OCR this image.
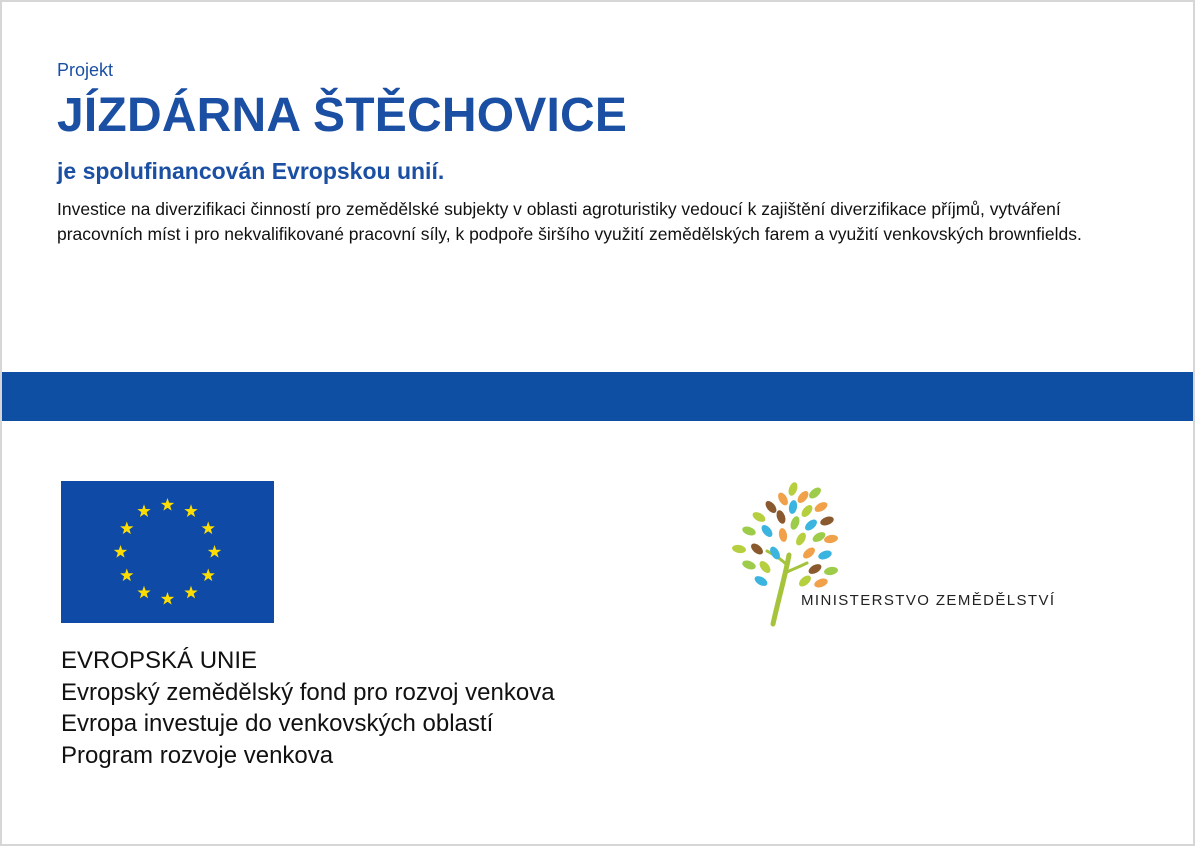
Projekt
JÍZDÁRNA ŠTĚCHOVICE
je spolufinancován Evropskou unií.
Investice na diverzifikaci činností pro zemědělské subjekty v oblasti agroturistiky vedoucí k zajištění diverzifikace příjmů, vytváření pracovních míst i pro nekvalifikované pracovní síly, k podpoře širšího využití zemědělských farem a využití venkovských brownfields.
EVROPSKÁ UNIE
Evropský zemědělský fond pro rozvoj venkova
Evropa investuje do venkovských oblastí
Program rozvoje venkova
MINISTERSTVO ZEMĚDĚLSTVÍ
